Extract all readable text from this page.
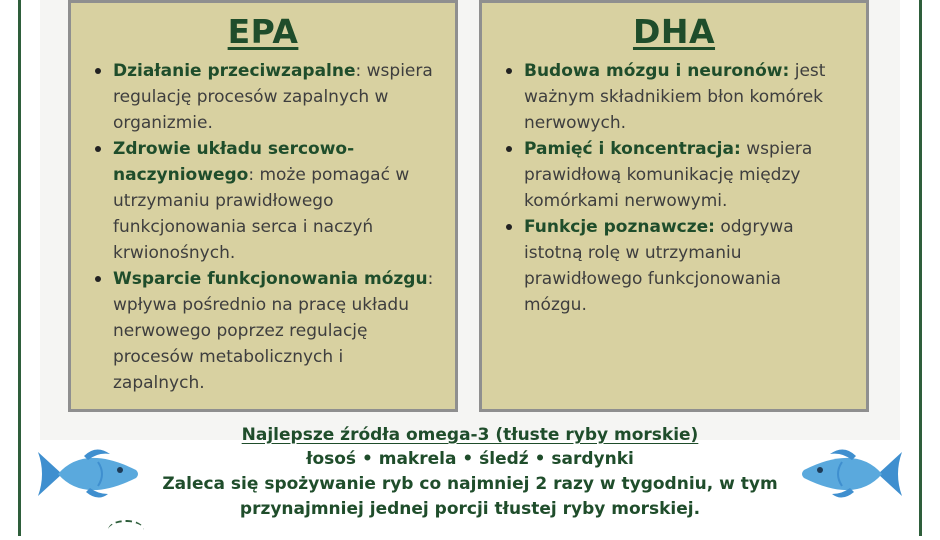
EPA
Działanie przeciwzapalne: wspiera regulację procesów zapalnych w organizmie.
Zdrowie układu sercowo-naczyniowego: może pomagać w utrzymaniu prawidłowego funkcjonowania serca i naczyń krwionośnych.
Wsparcie funkcjonowania mózgu: wpływa pośrednio na pracę układu nerwowego poprzez regulację procesów metabolicznych i zapalnych.
DHA
Budowa mózgu i neuronów: jest ważnym składnikiem błon komórek nerwowych.
Pamięć i koncentracja: wspiera prawidłową komunikację między komórkami nerwowymi.
Funkcje poznawcze: odgrywa istotną rolę w utrzymaniu prawidłowego funkcjonowania mózgu.
Najlepsze źródła omega-3 (tłuste ryby morskie)
łosoś • makrela • śledź • sardynki
Zaleca się spożywanie ryb co najmniej 2 razy w tygodniu, w tym
przynajmniej jednej porcji tłustej ryby morskiej.
